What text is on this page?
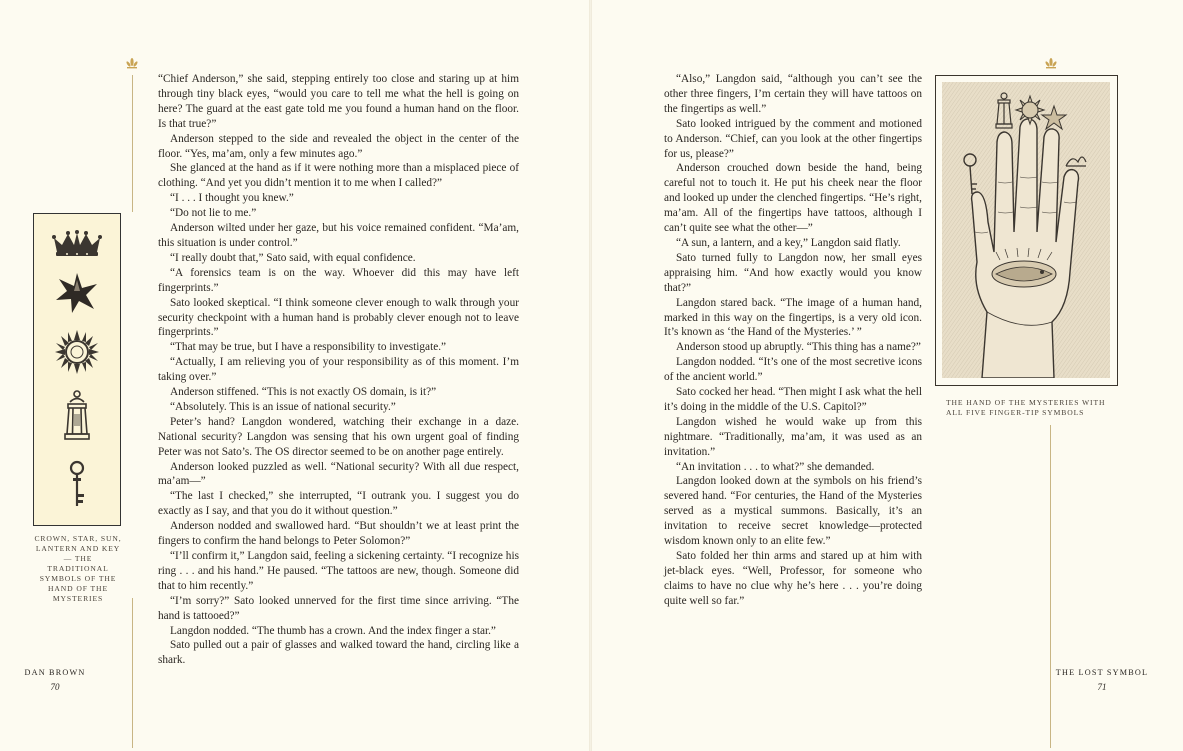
CROWN, STAR, SUN, LANTERN AND KEY — THE TRADITIONAL SYMBOLS OF THE HAND OF THE MYSTERIES
DAN BROWN
70

“Chief Anderson,” she said, stepping entirely too close and staring up at him through tiny black eyes, “would you care to tell me what the hell is going on here? The guard at the east gate told me you found a human hand on the floor. Is that true?”

Anderson stepped to the side and revealed the object in the center of the floor. “Yes, ma’am, only a few minutes ago.”

She glanced at the hand as if it were nothing more than a misplaced piece of clothing. “And yet you didn’t mention it to me when I called?”

“I . . . I thought you knew.”

“Do not lie to me.”

Anderson wilted under her gaze, but his voice remained confident. “Ma’am, this situation is under control.”

“I really doubt that,” Sato said, with equal confidence.

“A forensics team is on the way. Whoever did this may have left fingerprints.”

Sato looked skeptical. “I think someone clever enough to walk through your security checkpoint with a human hand is probably clever enough not to leave fingerprints.”

“That may be true, but I have a responsibility to investigate.”

“Actually, I am relieving you of your responsibility as of this moment. I’m taking over.”

Anderson stiffened. “This is not exactly OS domain, is it?”

“Absolutely. This is an issue of national security.”

Peter’s hand? Langdon wondered, watching their exchange in a daze. National security? Langdon was sensing that his own urgent goal of finding Peter was not Sato’s. The OS director seemed to be on another page entirely.

Anderson looked puzzled as well. “National security? With all due respect, ma’am—”

“The last I checked,” she interrupted, “I outrank you. I suggest you do exactly as I say, and that you do it without question.”

Anderson nodded and swallowed hard. “But shouldn’t we at least print the fingers to confirm the hand belongs to Peter Solomon?”

“I’ll confirm it,” Langdon said, feeling a sickening certainty. “I recognize his ring . . . and his hand.” He paused. “The tattoos are new, though. Someone did that to him recently.”

“I’m sorry?” Sato looked unnerved for the first time since arriving. “The hand is tattooed?”

Langdon nodded. “The thumb has a crown. And the index finger a star.”

Sato pulled out a pair of glasses and walked toward the hand, circling like a shark.

“Also,” Langdon said, “although you can’t see the other three fingers, I’m certain they will have tattoos on the fingertips as well.”

Sato looked intrigued by the comment and motioned to Anderson. “Chief, can you look at the other fingertips for us, please?”

Anderson crouched down beside the hand, being careful not to touch it. He put his cheek near the floor and looked up under the clenched fingertips. “He’s right, ma’am. All of the fingertips have tattoos, although I can’t quite see what the other—”

“A sun, a lantern, and a key,” Langdon said flatly.

Sato turned fully to Langdon now, her small eyes appraising him. “And how exactly would you know that?”

Langdon stared back. “The image of a human hand, marked in this way on the fingertips, is a very old icon. It’s known as ‘the Hand of the Mysteries.’ ”

Anderson stood up abruptly. “This thing has a name?”

Langdon nodded. “It’s one of the most secretive icons of the ancient world.”

Sato cocked her head. “Then might I ask what the hell it’s doing in the middle of the U.S. Capitol?”

Langdon wished he would wake up from this nightmare. “Traditionally, ma’am, it was used as an invitation.”

“An invitation . . . to what?” she demanded.

Langdon looked down at the symbols on his friend’s severed hand. “For centuries, the Hand of the Mysteries served as a mystical summons. Basically, it’s an invitation to receive secret knowledge—protected wisdom known only to an elite few.”

Sato folded her thin arms and stared up at him with jet-black eyes. “Well, Professor, for someone who claims to have no clue why he’s here . . . you’re doing quite well so far.”

THE HAND OF THE MYSTERIES WITH ALL FIVE FINGER-TIP SYMBOLS
THE LOST SYMBOL
71
